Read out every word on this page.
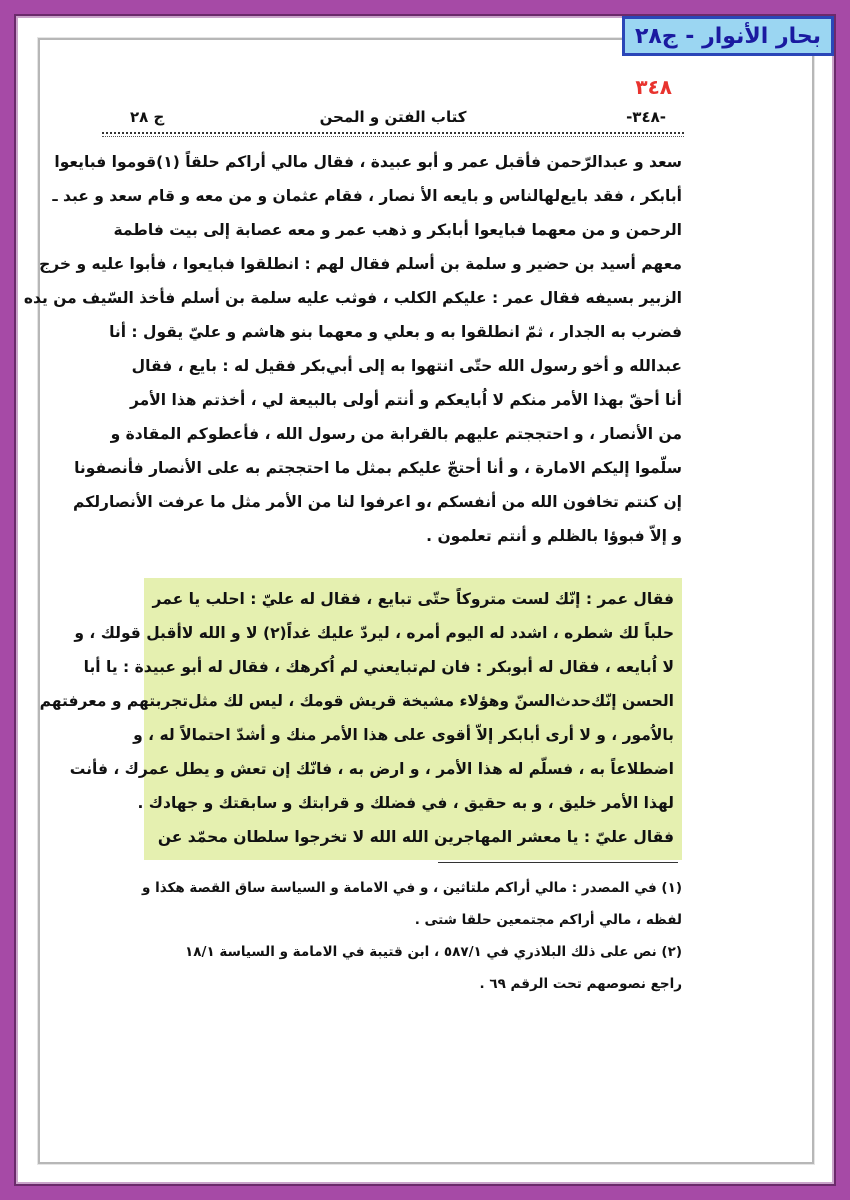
بحار الأنوار - ج٢٨
٣٤٨
-٣٤٨-
كتاب الفتن و المحن
ج ٢٨
سعد و عبدالرّحمن فأقبل عمر و أبو عبيدة ، فقال مالي أراكم حلقاً (١)قوموا فبايعوا
أبابكر ، فقد بايع‌لهالناس و بايعه الأ نصار ، فقام عثمان و من معه و قام سعد و عبد ـ
الرحمن و من معهما فبايعوا أبابكر و ذهب عمر و معه عصابة إلى بيت فاطمة
معهم أسيد بن حضير و سلمة بن أسلم فقال لهم : انطلقوا فبايعوا ، فأبوا عليه و خرج
الزبير بسيفه فقال عمر : عليكم الكلب ، فوثب عليه سلمة بن أسلم فأخذ السّيف من يده
فضرب به الجدار ، ثمّ انطلقوا به و بعلي و معهما بنو هاشم و عليّ يقول : أنا
عبدالله و أخو رسول الله حتّى انتهوا به إلى أبي‌بكر فقيل له : بايع ، فقال
أنا أحقّ بهذا الأمر منكم لا اُبايعكم و أنتم أولى بالبيعة لي ، أخذتم هذا الأمر
من الأنصار ، و احتججتم عليهم بالقرابة من رسول الله ، فأعطوكم المقادة و
سلّموا إليكم الامارة ، و أنا أحتجّ عليكم بمثل ما احتججتم به على الأنصار فأنصفونا
إن كنتم تخافون الله من أنفسكم ،و اعرفوا لنا من الأمر مثل ما عرفت الأنصارلكم
و إلاّ فبوؤا بالظلم و أنتم تعلمون .
فقال عمر : إنّك لست متروكاً حتّى تبايع ، فقال له عليّ : احلب يا عمر
حلباً لك شطره ، اشدد له اليوم أمره ، ليردّ عليك غداً(٢) لا و الله لاأقبل قولك ، و
لا اُبايعه ، فقال له أبوبكر : فان لم‌تبايعني لم اُكرهك ، فقال له أبو عبيدة : يا أبا
الحسن إنّك‌حدث‌السنّ وهؤلاء مشيخة قريش قومك ، ليس لك مثل‌تجربتهم و معرفتهم
بالاُمور ، و لا أرى أبابكر إلاّ أقوى على هذا الأمر منك و أشدّ احتمالاً له ، و
اضطلاعاً به ، فسلّم له هذا الأمر ، و ارض به ، فانّك إن تعش و يطل عمرك ، فأنت
لهذا الأمر خليق ، و به حقيق ، في فضلك و قرابتك و سابقتك و جهادك .
فقال عليّ : يا معشر المهاجرين الله الله لا تخرجوا سلطان محمّد عن
(١) في المصدر : مالي أراكم ملتاثين ، و في الامامة و السياسة ساق القصة هكذا و
لفظه ، مالي أراكم مجتمعين حلقا شتى .
(٢) نص على ذلك البلاذري في ٥٨٧/١ ، ابن قتيبة في الامامة و السياسة ١٨/١
راجع نصوصهم تحت الرقم ٦٩ .
